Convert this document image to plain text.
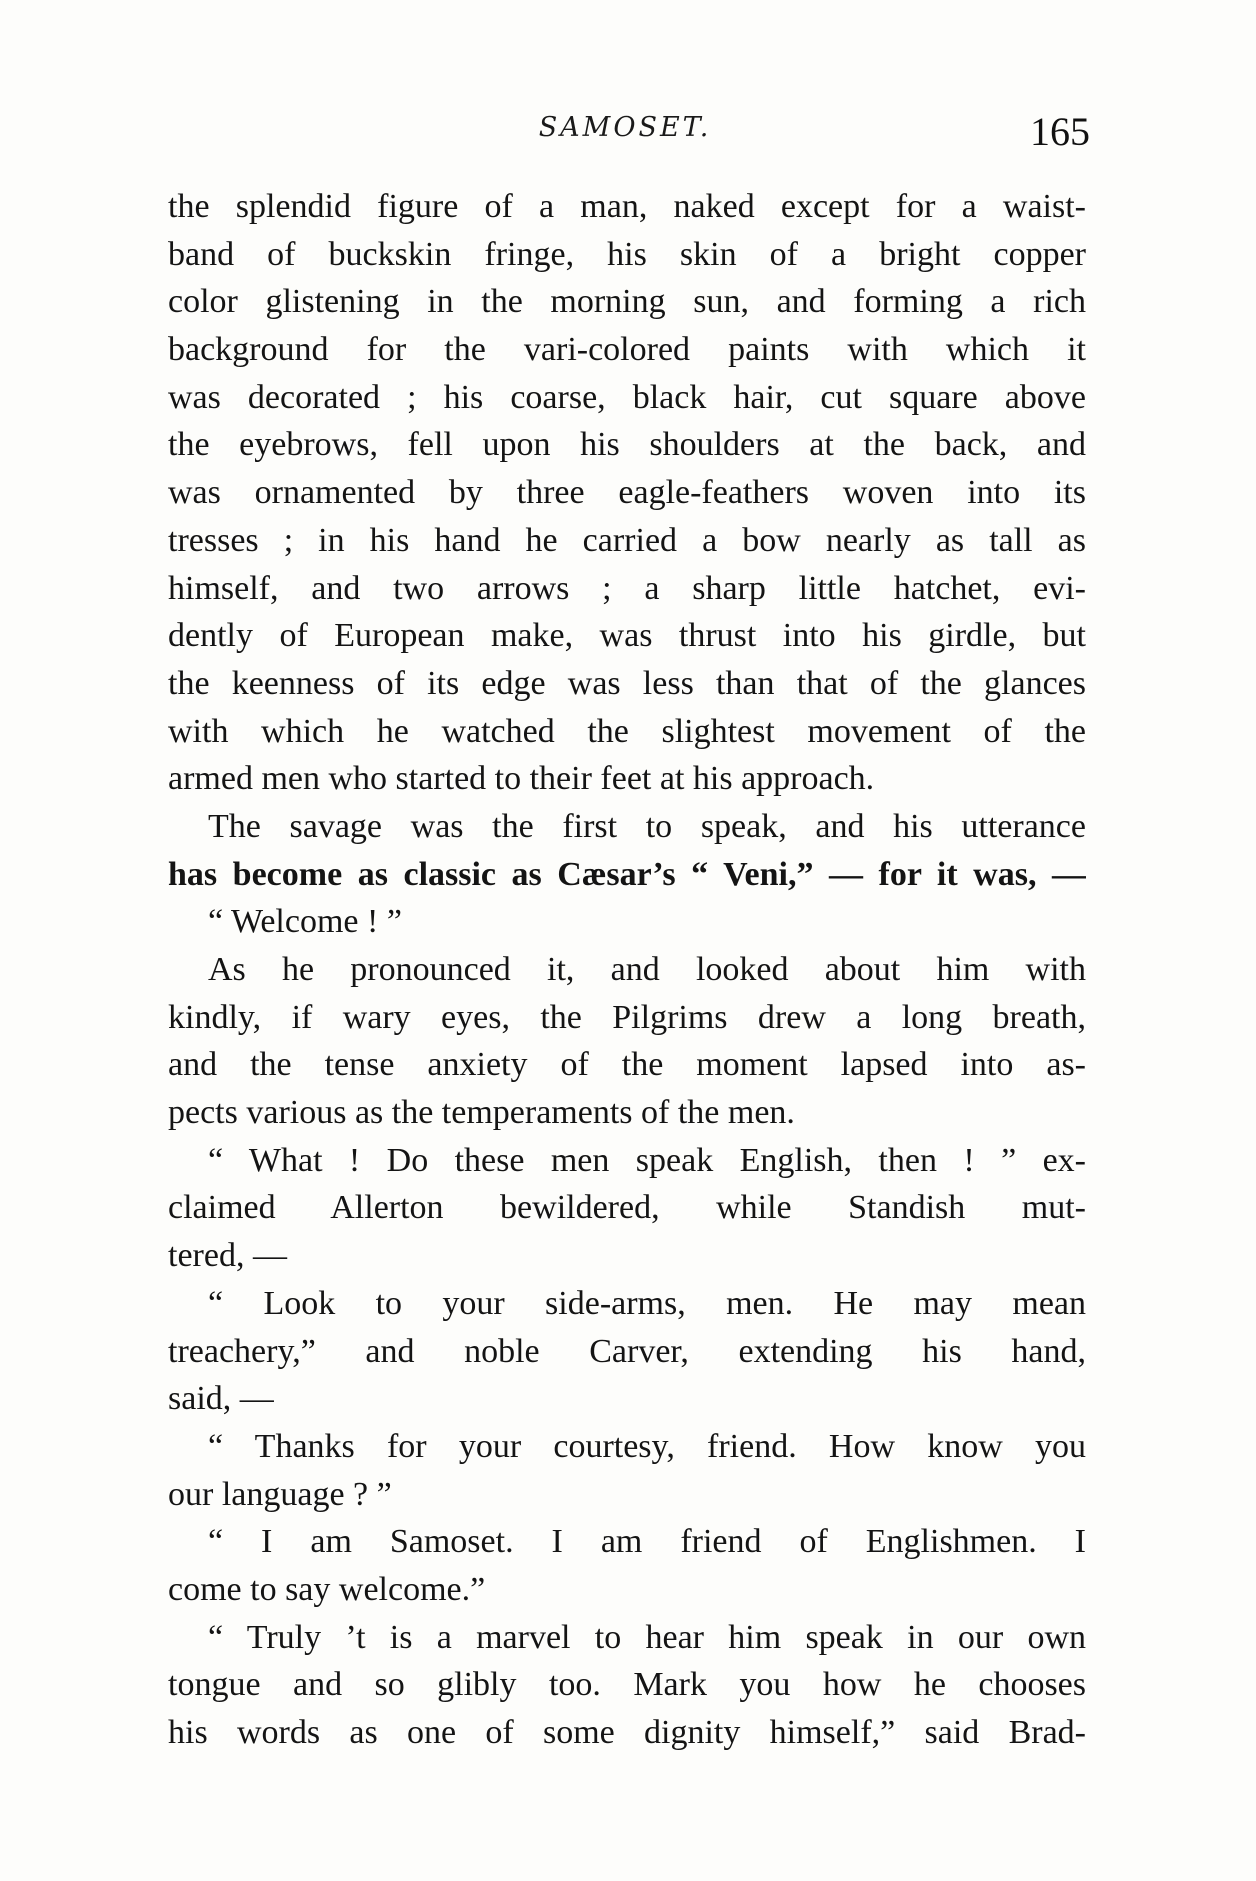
SAMOSET.	165
the splendid figure of a man, naked except for a waist-
band of buckskin fringe, his skin of a bright copper
color glistening in the morning sun, and forming a rich
background for the vari-colored paints with which it
was decorated ; his coarse, black hair, cut square above
the eyebrows, fell upon his shoulders at the back, and
was ornamented by three eagle-feathers woven into its
tresses ; in his hand he carried a bow nearly as tall as
himself, and two arrows ; a sharp little hatchet, evi-
dently of European make, was thrust into his girdle, but
the keenness of its edge was less than that of the glances
with which he watched the slightest movement of the
armed men who started to their feet at his approach.
The savage was the first to speak, and his utterance
has become as classic as Cæsar’s “ Veni,” — for it was, —
“ Welcome ! ”
As he pronounced it, and looked about him with
kindly, if wary eyes, the Pilgrims drew a long breath,
and the tense anxiety of the moment lapsed into as-
pects various as the temperaments of the men.
“ What ! Do these men speak English, then ! ” ex-
claimed Allerton bewildered, while Standish mut-
tered, —
“ Look to your side-arms, men. He may mean
treachery,” and noble Carver, extending his hand,
said, —
“ Thanks for your courtesy, friend. How know you
our language ? ”
“ I am Samoset. I am friend of Englishmen. I
come to say welcome.”
“ Truly ’t is a marvel to hear him speak in our own
tongue and so glibly too. Mark you how he chooses
his words as one of some dignity himself,” said Brad-
